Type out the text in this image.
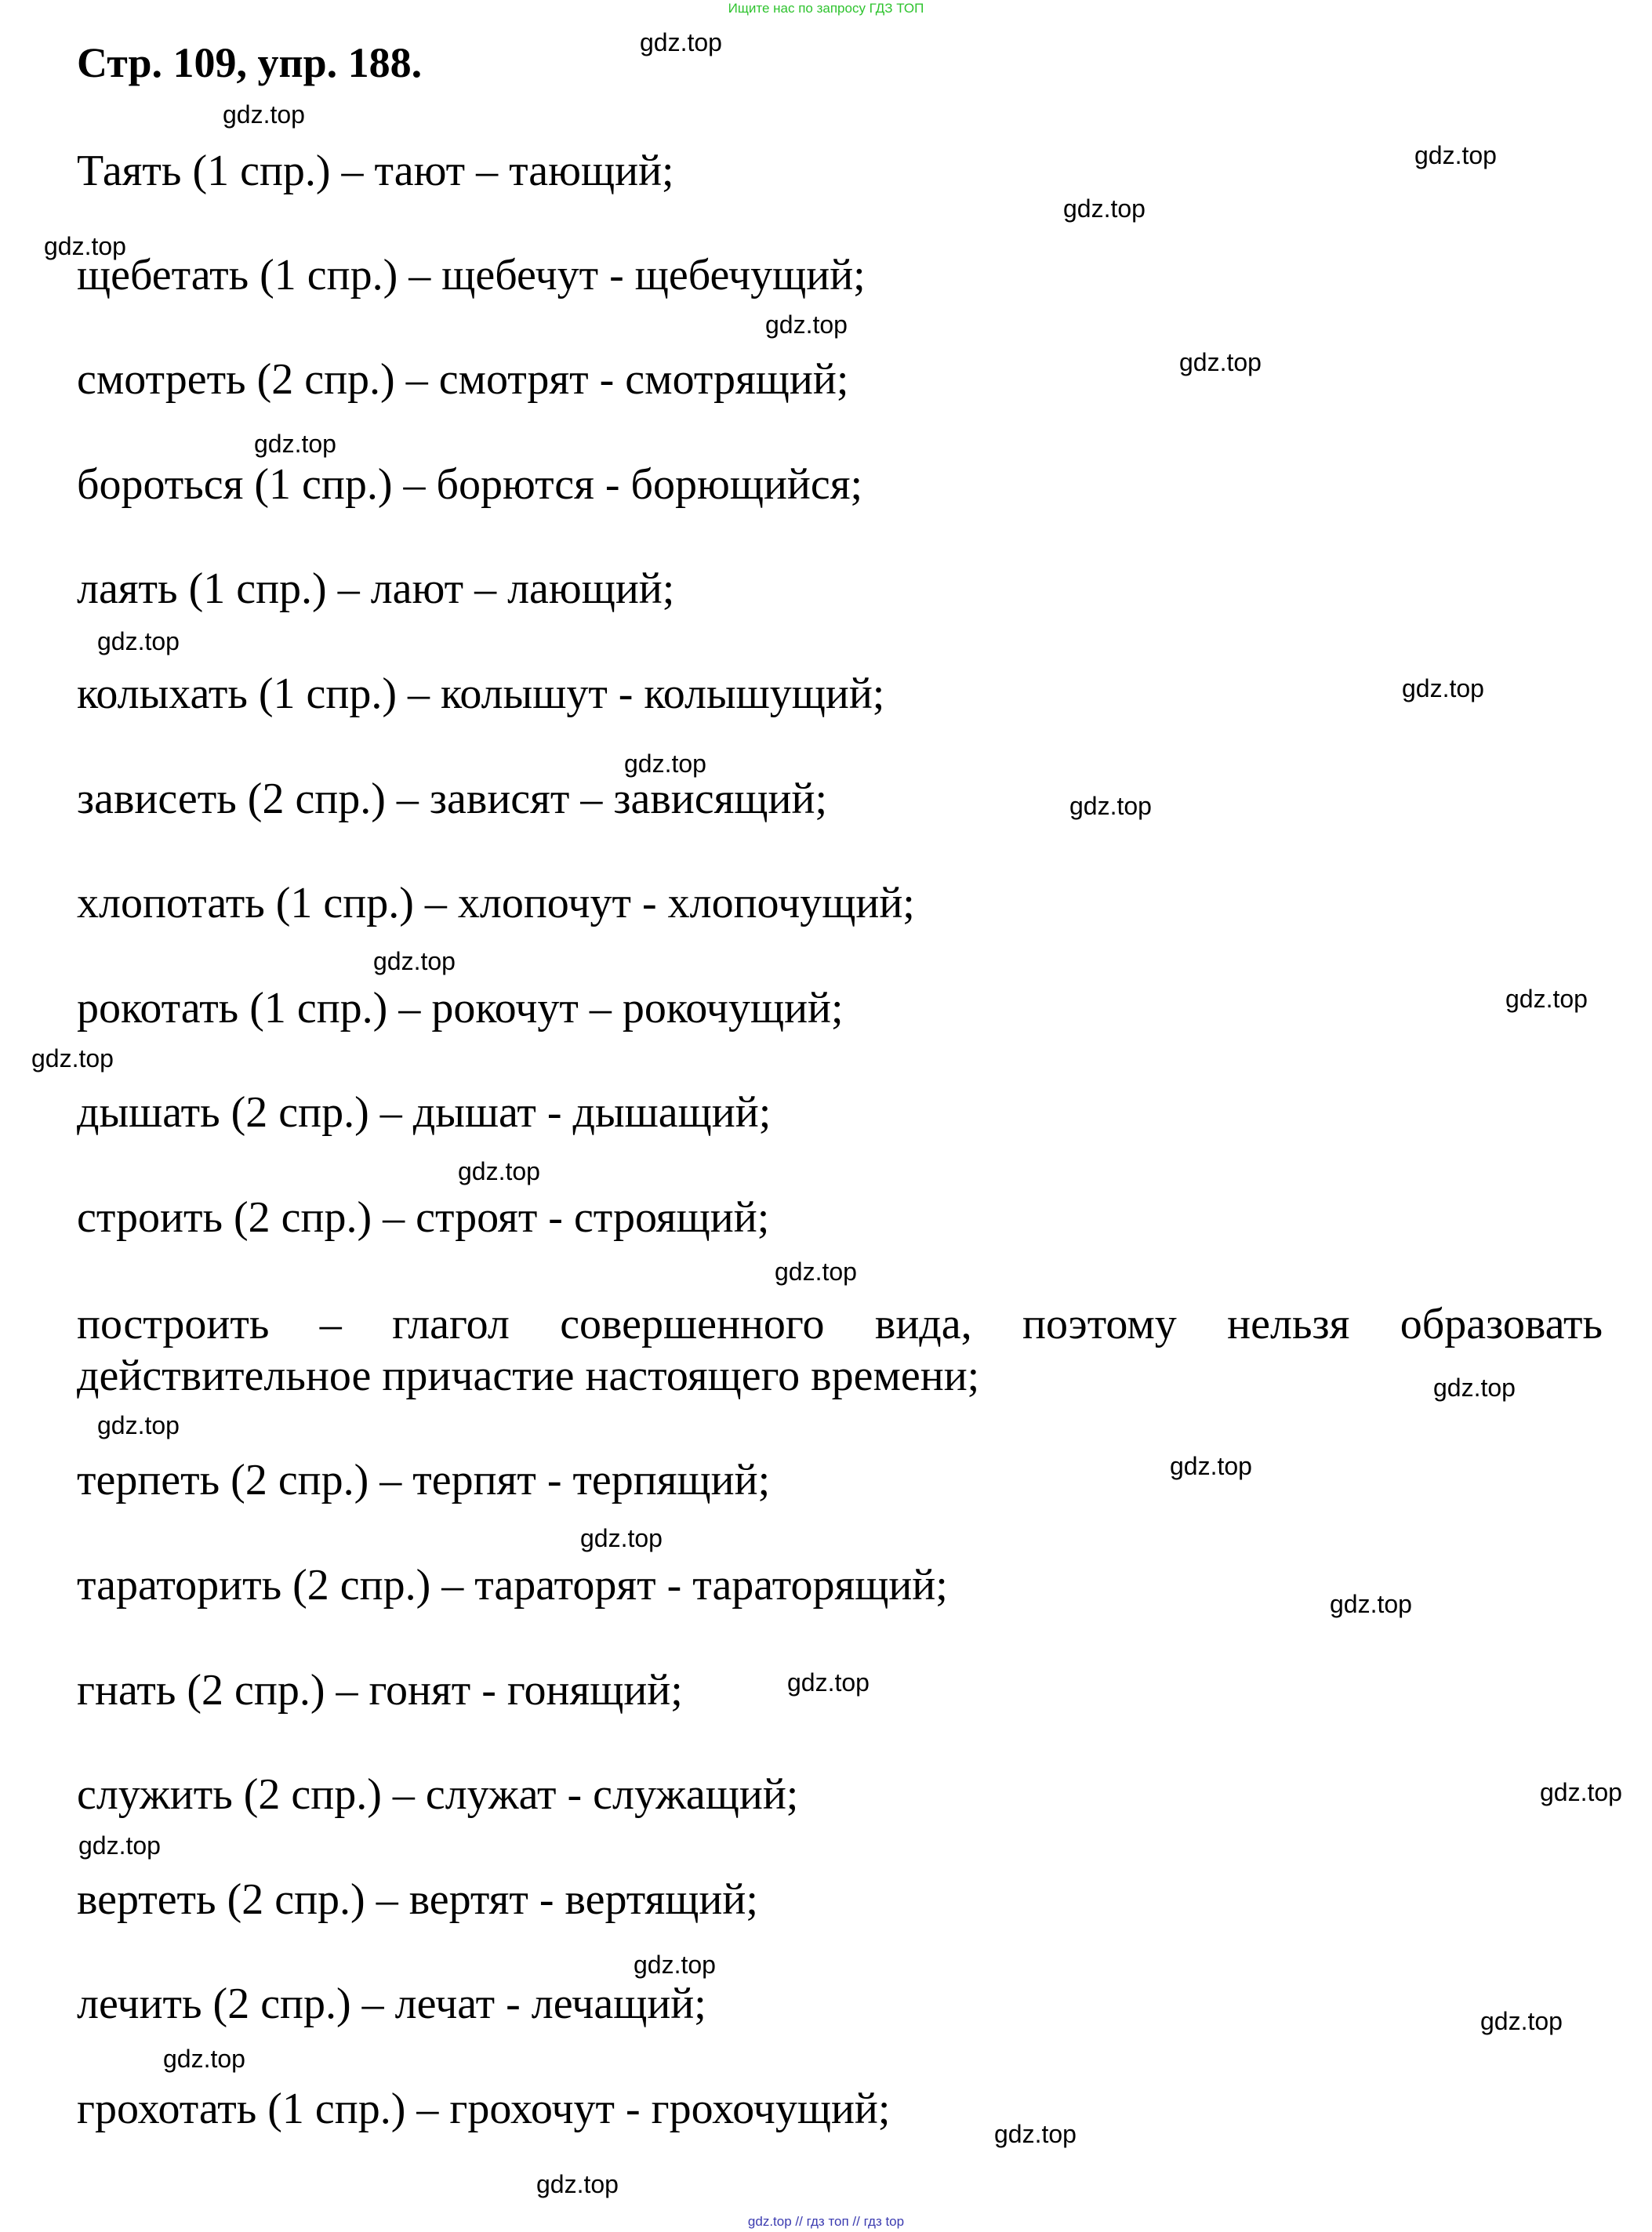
Ищите нас по запросу ГДЗ ТОП
Стр. 109, упр. 188.
Таять (1 спр.) – тают – тающий;
щебетать (1 спр.) – щебечут - щебечущий;
смотреть (2 спр.) – смотрят - смотрящий;
бороться (1 спр.) – борются - борющийся;
лаять (1 спр.) – лают – лающий;
колыхать (1 спр.) – колышут - колышущий;
зависеть (2 спр.) – зависят – зависящий;
хлопотать (1 спр.) – хлопочут - хлопочущий;
рокотать (1 спр.) – рокочут – рокочущий;
дышать (2 спр.) – дышат - дышащий;
строить (2 спр.) – строят - строящий;
построить – глагол совершенного вида, поэтому нельзя образовать
действительное причастие настоящего времени;
терпеть (2 спр.) – терпят - терпящий;
тараторить (2 спр.) – тараторят - тараторящий;
гнать (2 спр.) – гонят - гонящий;
служить (2 спр.) – служат - служащий;
вертеть (2 спр.) – вертят - вертящий;
лечить (2 спр.) – лечат - лечащий;
грохотать (1 спр.) – грохочут - грохочущий;
gdz.top
gdz.top
gdz.top
gdz.top
gdz.top
gdz.top
gdz.top
gdz.top
gdz.top
gdz.top
gdz.top
gdz.top
gdz.top
gdz.top
gdz.top
gdz.top
gdz.top
gdz.top
gdz.top
gdz.top
gdz.top
gdz.top
gdz.top
gdz.top
gdz.top
gdz.top
gdz.top
gdz.top
gdz.top
gdz.top
gdz.top // гдз топ // гдз top
